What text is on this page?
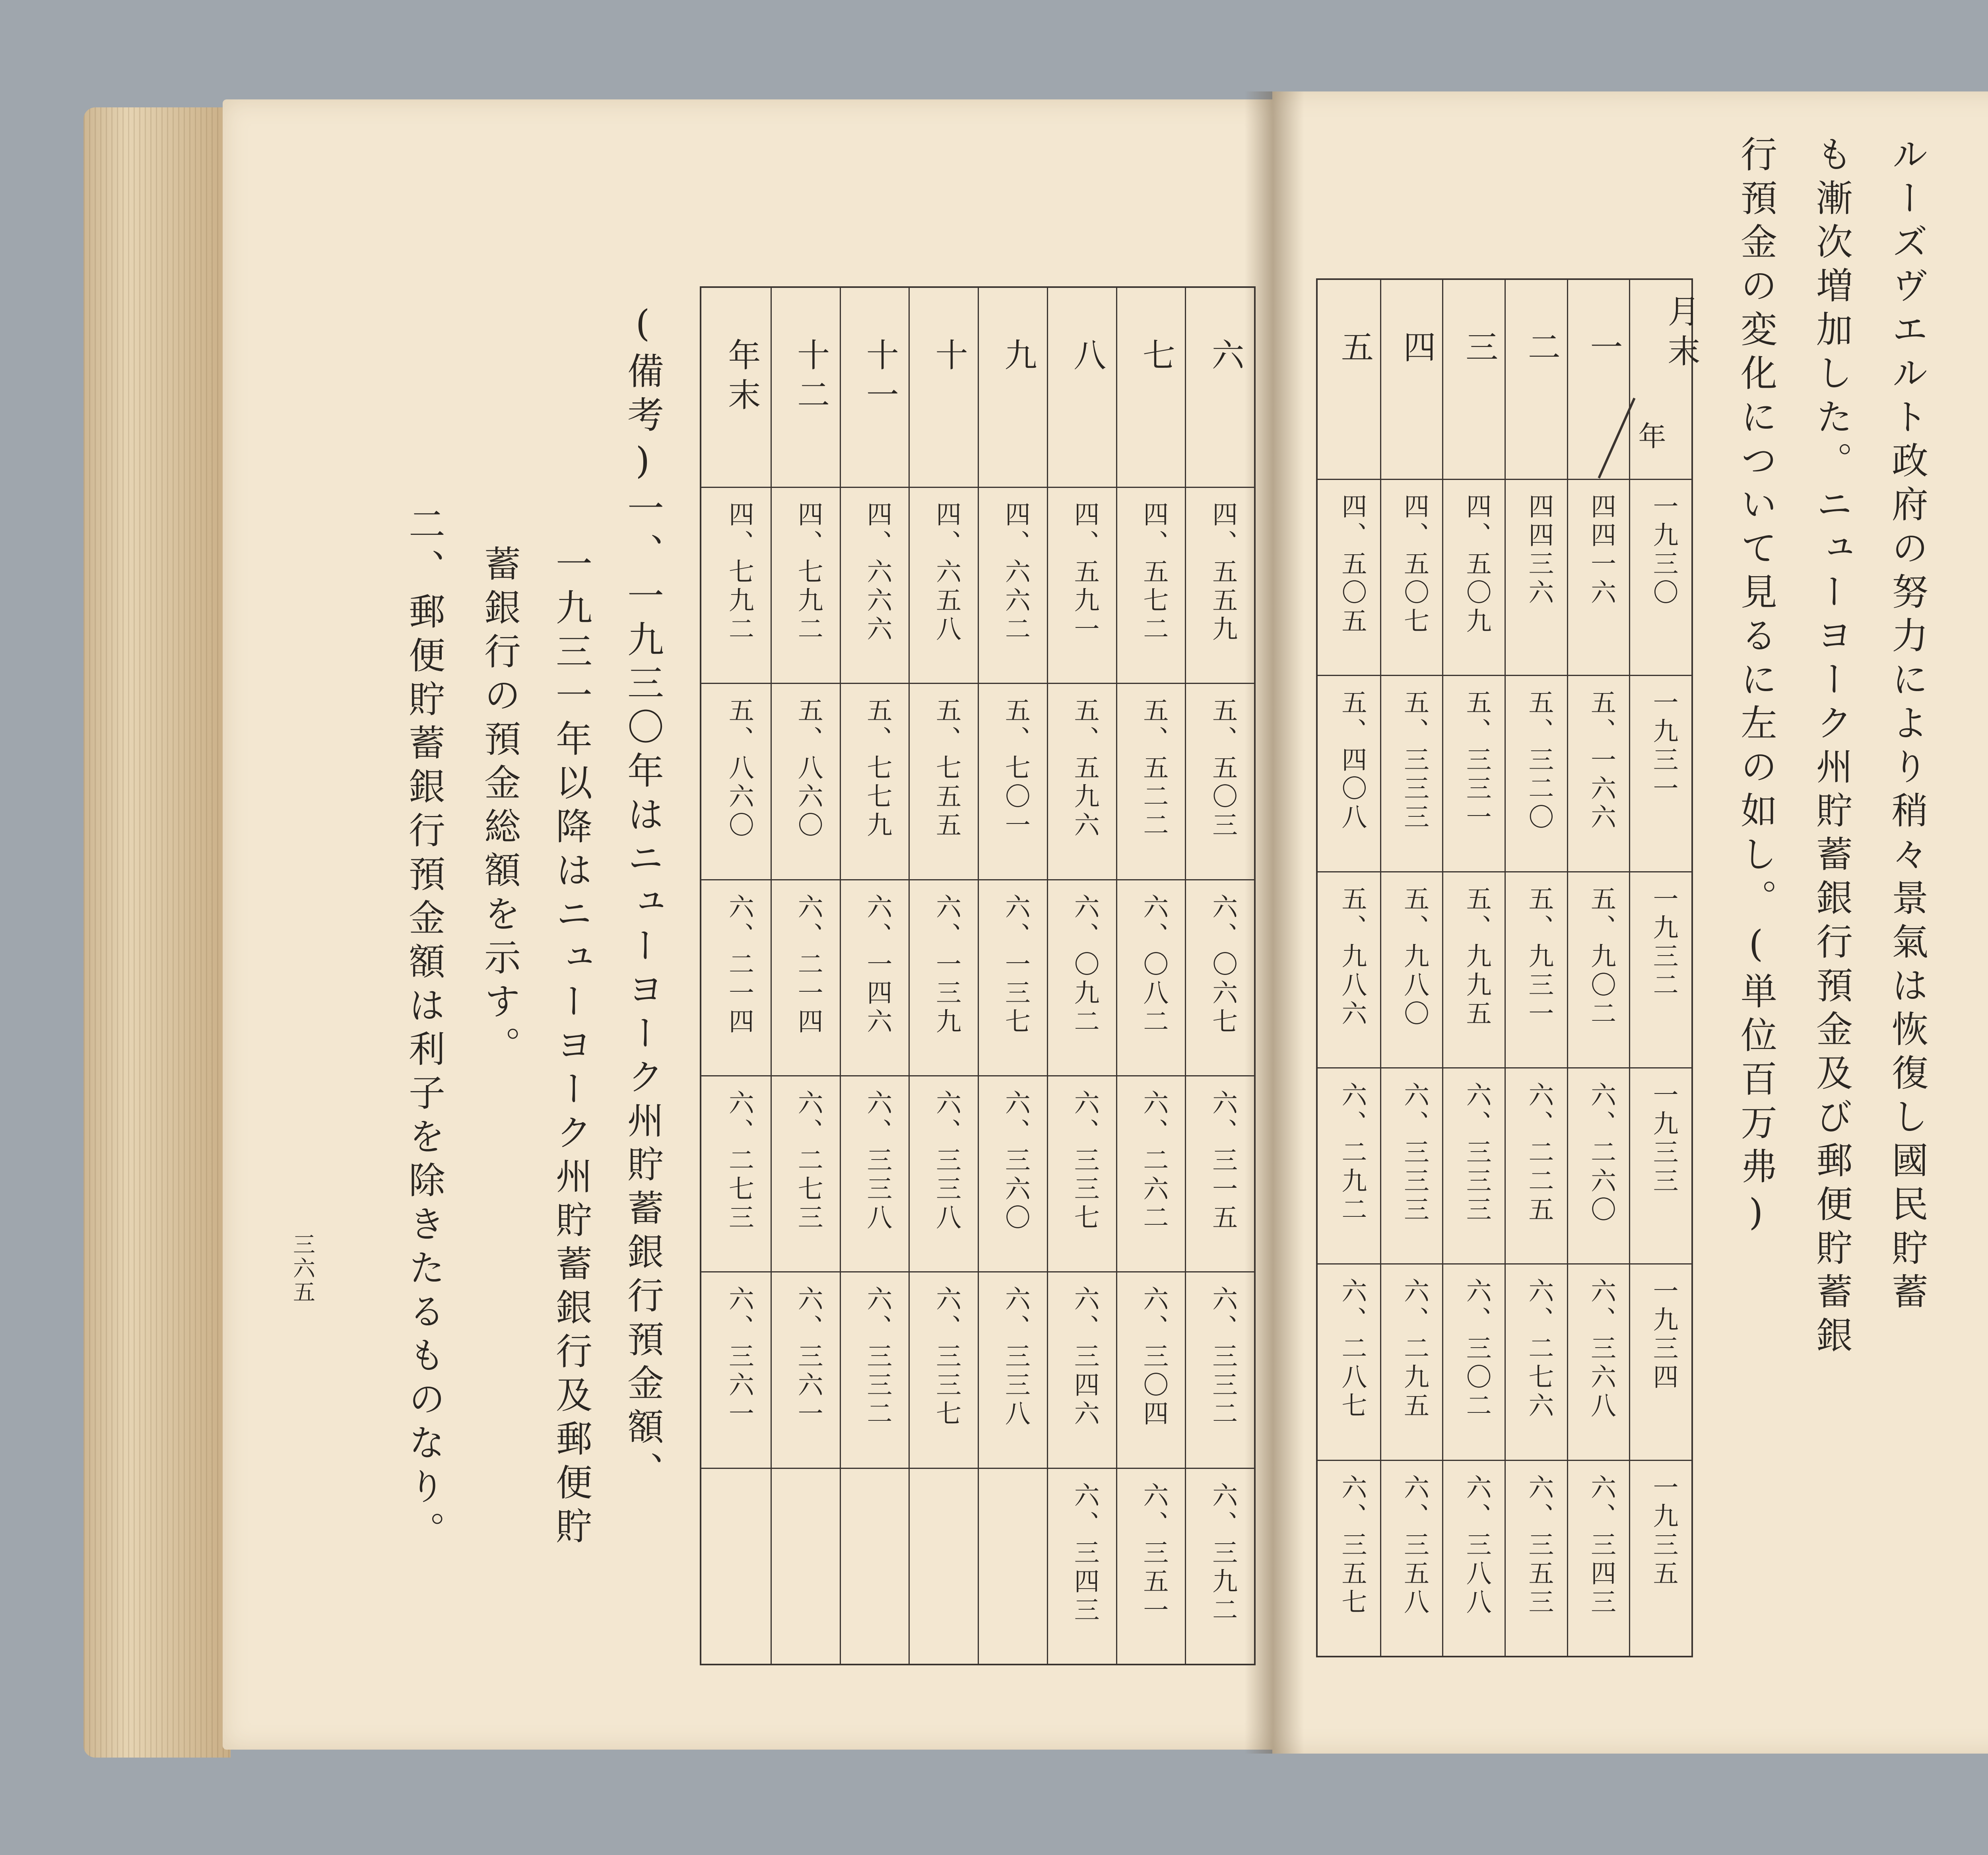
ルーズヴエルト政府の努力により稍々景氣は恢復し國民貯蓄
も漸次増加した。ニューヨーク州貯蓄銀行預金及び郵便貯蓄銀
行預金の変化について見るに左の如し。(単位百万弗)
月末
年
一九三〇
一九三一
一九三二
一九三三
一九三四
一九三五
一
四四一六
五、一六六
五、九〇二
六、二六〇
六、三六八
六、三四三
二
四四三六
五、三二〇
五、九三一
六、二二五
六、二七六
六、三五三
三
四、五〇九
五、三三一
五、九九五
六、三三三
六、三〇二
六、三八八
四
四、五〇七
五、三三三
五、九八〇
六、三三三
六、二九五
六、三五八
五
四、五〇五
五、四〇八
五、九八六
六、二九二
六、二八七
六、三五七
六
四、五五九
五、五〇三
六、〇六七
六、三一五
六、三三二
六、三九二
七
四、五七二
五、五二二
六、〇八二
六、二六二
六、三〇四
六、三五一
八
四、五九一
五、五九六
六、〇九二
六、三三七
六、三四六
六、三四三
九
四、六六二
五、七〇一
六、一三七
六、三六〇
六、三三八
十
四、六五八
五、七五五
六、一三九
六、三三八
六、三三七
十一
四、六六六
五、七七九
六、一四六
六、三三八
六、三三二
十二
四、七九二
五、八六〇
六、二一四
六、二七三
六、三六一
年末
四、七九二
五、八六〇
六、二一四
六、二七三
六、三六一
(備考)一、一九三〇年はニューヨーク州貯蓄銀行預金額、
一九三一年以降はニューヨーク州貯蓄銀行及郵便貯
蓄銀行の預金総額を示す。
二、郵便貯蓄銀行預金額は利子を除きたるものなり。
三六五
